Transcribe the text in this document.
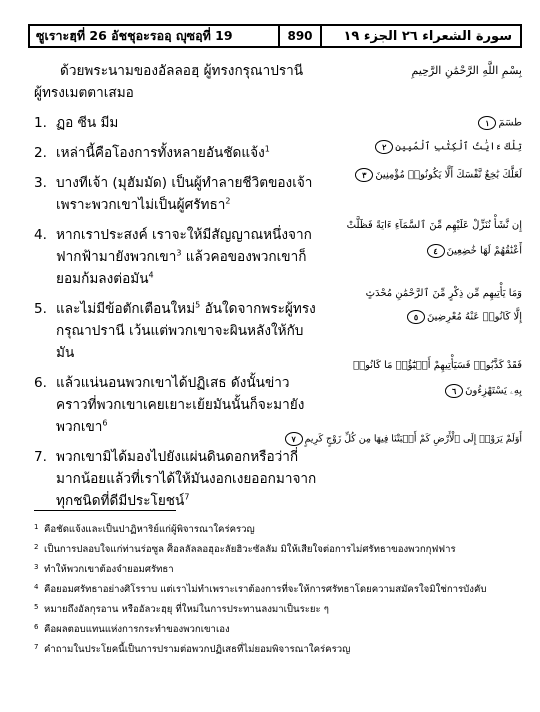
ซูเราะฮฺที่ 26 อัชชุอะรออฺ ญุซอฺที่ 19	890	سورة الشعراء ٢٦ الجزء ١٩

ด้วยพระนามของอัลลอฮฺ ผู้ทรงกรุณาปรานี ผู้ทรงเมตตาเสมอ

1. ฏอ ซีน มีม
2. เหล่านี้คือโองการทั้งหลายอันชัดแจ้ง$^1$
3. บางทีเจ้า (มุฮัมมัด) เป็นผู้ทำลายชีวิตของเจ้า เพราะพวกเขาไม่เป็นผู้ศรัทธา$^2$
4. หากเราประสงค์ เราจะให้มีสัญญาณหนึ่งจากฟากฟ้ามายังพวกเขา$^3$ แล้วคอของพวกเขาก็ยอมก้มลงต่อมัน$^4$
5. และไม่มีข้อตักเตือนใหม่$^5$ อันใดจากพระผู้ทรงกรุณาปรานี เว้นแต่พวกเขาจะผินหลังให้กับมัน
6. แล้วแน่นอนพวกเขาได้ปฏิเสธ ดังนั้นข่าวคราวที่พวกเขาเคยเยาะเย้ยมันนั้นก็จะมายังพวกเขา$^6$
7. พวกเขามิได้มองไปยังแผ่นดินดอกหรือว่ากี่มากน้อยแล้วที่เราได้ให้มันงอกเงยออกมาจากทุกชนิดที่ดีมีประโยชน์$^7$
بِسْمِ اللَّهِ الرَّحْمَٰنِ الرَّحِيمِ
طسٓمٓ١
تِلْكَ ءَايَٰتُ ٱلْكِتَٰبِ ٱلْمُبِينِ٢
لَعَلَّكَ بَٰخِعٌ نَّفْسَكَ أَلَّا يَكُونُوا۟ مُؤْمِنِينَ٣
إِن نَّشَأْ نُنَزِّلْ عَلَيْهِم مِّنَ ٱلسَّمَآءِ ءَايَةً فَظَلَّتْ
أَعْنَٰقُهُمْ لَهَا خَٰضِعِينَ٤
وَمَا يَأْتِيهِم مِّن ذِكْرٍ مِّنَ ٱلرَّحْمَٰنِ مُحْدَثٍ
إِلَّا كَانُوا۟ عَنْهُ مُعْرِضِينَ٥
فَقَدْ كَذَّبُوا۟ فَسَيَأْتِيهِمْ أَنۢبَٰٓؤُا۟ مَا كَانُوا۟
بِهِۦ يَسْتَهْزِءُونَ٦
أَوَلَمْ يَرَوْا۟ إِلَى ٱلْأَرْضِ كَمْ أَنۢبَتْنَا فِيهَا مِن كُلِّ زَوْجٍ كَرِيمٍ٧
1 คือชัดแจ้งและเป็นปาฏิหาริย์แก่ผู้พิจารณาใคร่ครวญ
2 เป็นการปลอบใจแก่ท่านร่อซูล ศ็อลลัลลอฮุอะลัยฮิวะซัลลัม มิให้เสียใจต่อการไม่ศรัทธาของพวกกุฟฟาร
3 ทำให้พวกเขาต้องจำยอมศรัทธา
4 คือยอมศรัทธาอย่างศิโรราบ แต่เราไม่ทำเพราะเราต้องการที่จะให้การศรัทธาโดยความสมัครใจมิใช่การบังคับ
5 หมายถึงอัลกุรอาน หรืออัลวะฮฺยุ ที่ใหม่ในการประทานลงมาเป็นระยะ ๆ
6 คือผลตอบแทนแห่งการกระทำของพวกเขาเอง
7 คำถามในประโยคนี้เป็นการปรามต่อพวกปฏิเสธที่ไม่ยอมพิจารณาใคร่ครวญ
